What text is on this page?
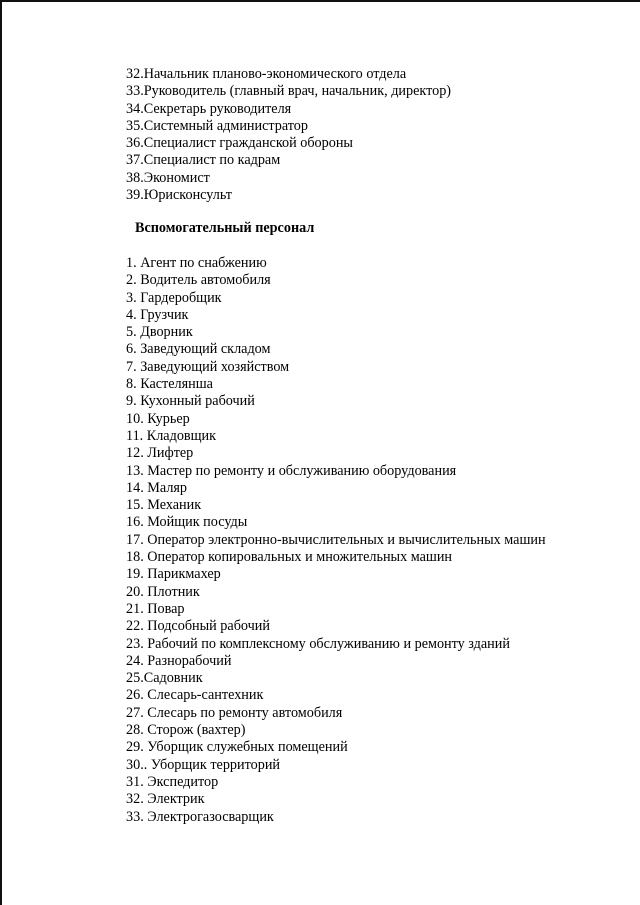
32.Начальник планово-экономического отдела
33.Руководитель (главный врач, начальник, директор)
34.Секретарь руководителя
35.Системный администратор
36.Специалист гражданской обороны
37.Специалист по кадрам
38.Экономист
39.Юрисконсульт
Вспомогательный персонал
1. Агент по снабжению
2. Водитель автомобиля
3. Гардеробщик
4. Грузчик
5. Дворник
6. Заведующий складом
7. Заведующий хозяйством
8. Кастелянша
9. Кухонный рабочий
10. Курьер
11. Кладовщик
12. Лифтер
13. Мастер по ремонту и обслуживанию оборудования
14. Маляр
15. Механик
16. Мойщик посуды
17. Оператор электронно-вычислительных и вычислительных машин
18. Оператор копировальных и множительных машин
19. Парикмахер
20. Плотник
21. Повар
22. Подсобный рабочий
23. Рабочий по комплексному обслуживанию и ремонту зданий
24. Разнорабочий
25.Садовник
26. Слесарь-сантехник
27. Слесарь по ремонту автомобиля
28. Сторож (вахтер)
29. Уборщик служебных помещений
30.. Уборщик территорий
31. Экспедитор
32. Электрик
33. Электрогазосварщик
